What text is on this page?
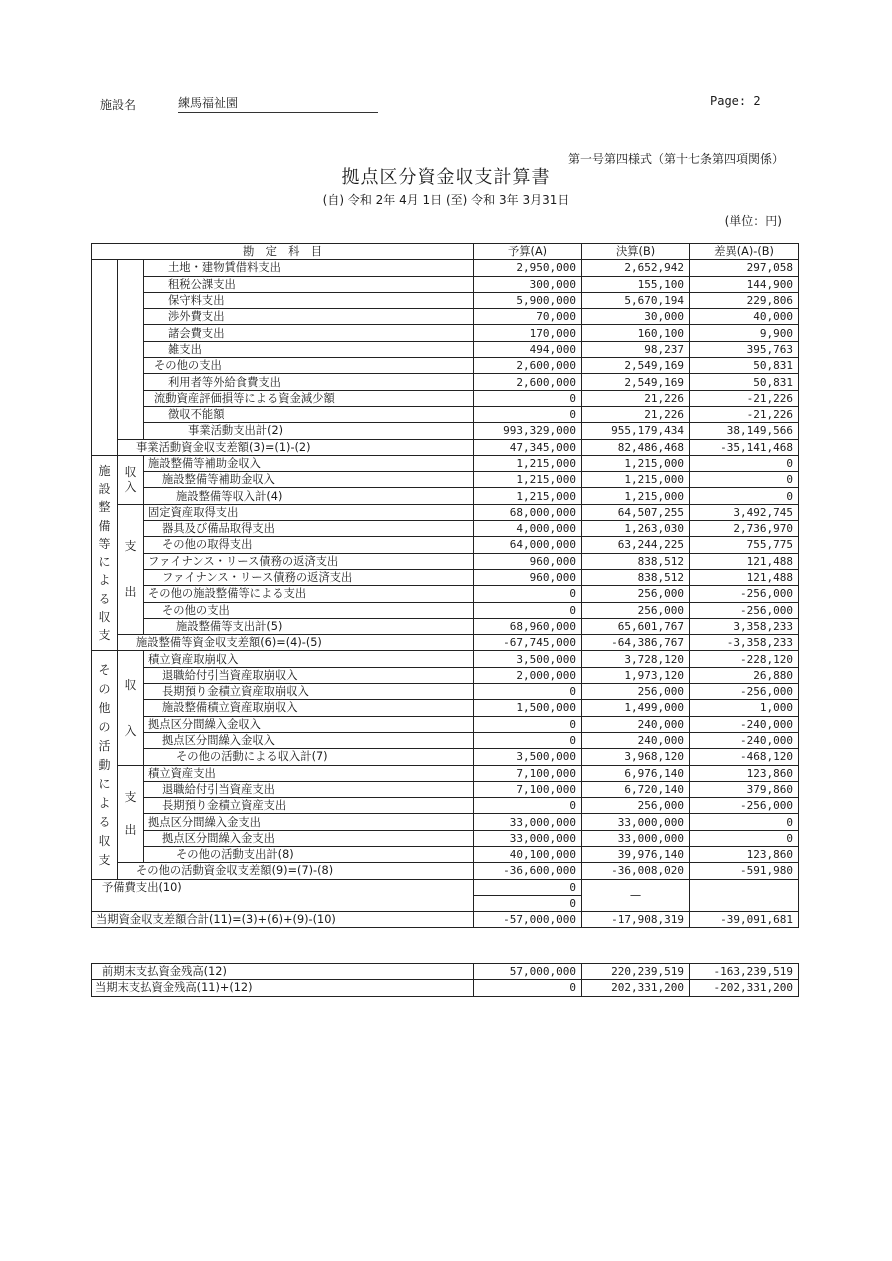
施設名	練馬福祉園	Page: 2
第一号第四様式（第十七条第四項関係）
拠点区分資金収支計算書
(自) 令和 2年 4月 1日 (至) 令和 3年 3月31日
(単位：円)
勘　定　科　目			予算(A)	決算(B)	差異(A)-(B)
		土地・建物賃借料支出	2,950,000	2,652,942	297,058
		租税公課支出	300,000	155,100	144,900
		保守料支出	5,900,000	5,670,194	229,806
		渉外費支出	70,000	30,000	40,000
		諸会費支出	170,000	160,100	9,900
		雑支出	494,000	98,237	395,763
		その他の支出	2,600,000	2,549,169	50,831
		利用者等外給食費支出	2,600,000	2,549,169	50,831
		流動資産評価損等による資金減少額	0	21,226	-21,226
		徴収不能額	0	21,226	-21,226
		事業活動支出計(2)	993,329,000	955,179,434	38,149,566
	事業活動資金収支差額(3)=(1)-(2)		47,345,000	82,486,468	-35,141,468
施設整備等による収支	収入	施設整備等補助金収入	1,215,000	1,215,000	0
		施設整備等補助金収入	1,215,000	1,215,000	0
		施設整備等収入計(4)	1,215,000	1,215,000	0
	支出	固定資産取得支出	68,000,000	64,507,255	3,492,745
		器具及び備品取得支出	4,000,000	1,263,030	2,736,970
		その他の取得支出	64,000,000	63,244,225	755,775
		ファイナンス・リース債務の返済支出	960,000	838,512	121,488
		ファイナンス・リース債務の返済支出	960,000	838,512	121,488
		その他の施設整備等による支出	0	256,000	-256,000
		その他の支出	0	256,000	-256,000
		施設整備等支出計(5)	68,960,000	65,601,767	3,358,233
	施設整備等資金収支差額(6)=(4)-(5)		-67,745,000	-64,386,767	-3,358,233
その他の活動による収支	収入	積立資産取崩収入	3,500,000	3,728,120	-228,120
		退職給付引当資産取崩収入	2,000,000	1,973,120	26,880
		長期預り金積立資産取崩収入	0	256,000	-256,000
		施設整備積立資産取崩収入	1,500,000	1,499,000	1,000
		拠点区分間繰入金収入	0	240,000	-240,000
		拠点区分間繰入金収入	0	240,000	-240,000
		その他の活動による収入計(7)	3,500,000	3,968,120	-468,120
	支出	積立資産支出	7,100,000	6,976,140	123,860
		退職給付引当資産支出	7,100,000	6,720,140	379,860
		長期預り金積立資産支出	0	256,000	-256,000
		拠点区分間繰入金支出	33,000,000	33,000,000	0
		拠点区分間繰入金支出	33,000,000	33,000,000	0
		その他の活動支出計(8)	40,100,000	39,976,140	123,860
	その他の活動資金収支差額(9)=(7)-(8)		-36,600,000	-36,008,020	-591,980
予備費支出(10)			0	—	
			0		
当期資金収支差額合計(11)=(3)+(6)+(9)-(10)			-57,000,000	-17,908,319	-39,091,681
前期末支払資金残高(12)	57,000,000	220,239,519	-163,239,519
当期末支払資金残高(11)+(12)	0	202,331,200	-202,331,200
